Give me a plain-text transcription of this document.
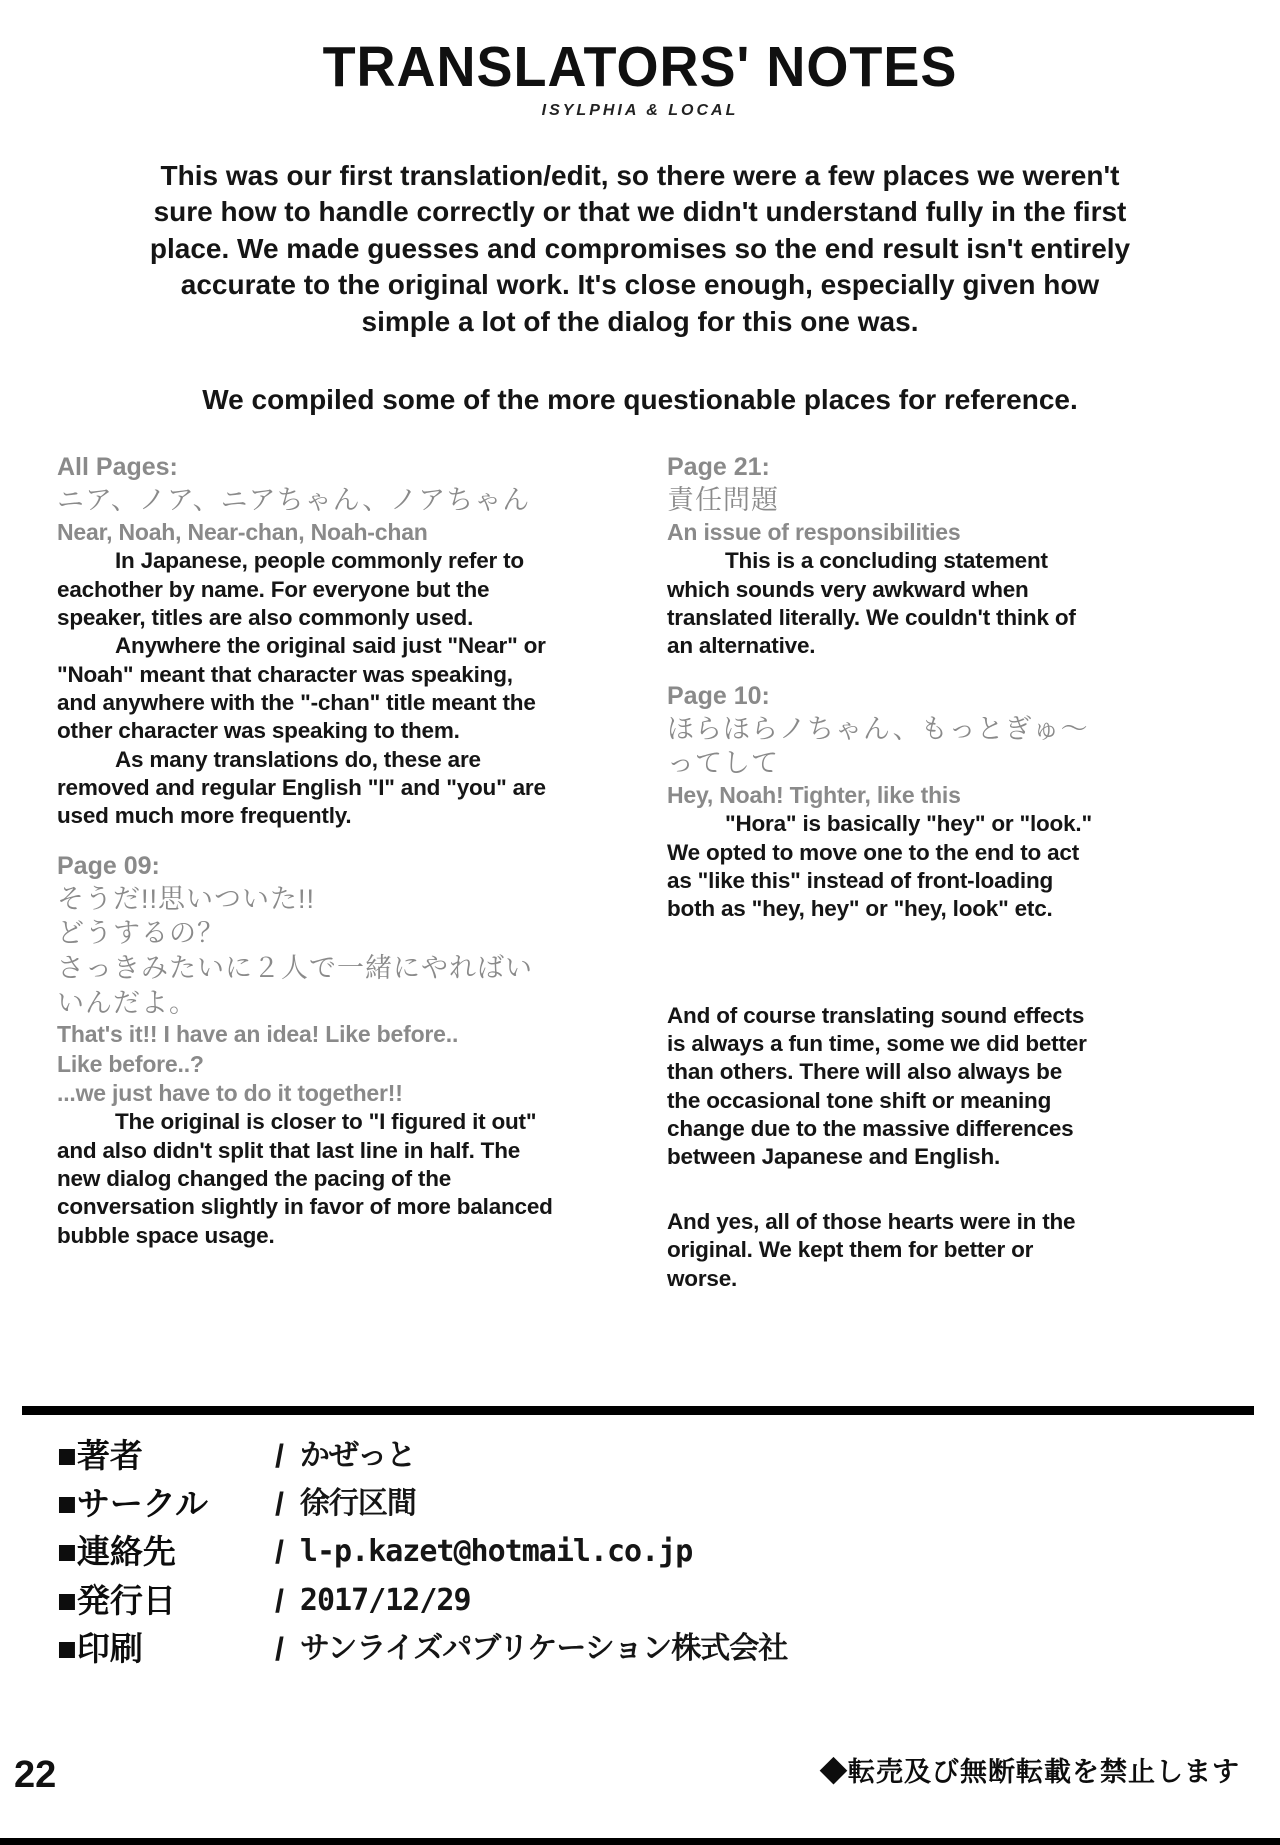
TRANSLATORS' NOTES
ISYLPHIA & LOCAL

This was our first translation/edit, so there were a few places we weren't sure how to handle correctly or that we didn't understand fully in the first place. We made guesses and compromises so the end result isn't entirely accurate to the original work. It's close enough, especially given how simple a lot of the dialog for this one was.

We compiled some of the more questionable places for reference.

All Pages:
ニア、ノア、ニアちゃん、ノアちゃん
Near, Noah, Near-chan, Noah-chan

In Japanese, people commonly refer to eachother by name. For everyone but the speaker, titles are also commonly used.

Anywhere the original said just "Near" or "Noah" meant that character was speaking, and anywhere with the "-chan" title meant the other character was speaking to them.

As many translations do, these are removed and regular English "I" and "you" are used much more frequently.

Page 09:
そうだ!!思いついた!!
どうするの？
さっきみたいに２人で一緒にやればいいんだよ。
That's it!! I have an idea! Like before..
Like before..?
...we just have to do it together!!

The original is closer to "I figured it out" and also didn't split that last line in half. The new dialog changed the pacing of the conversation slightly in favor of more balanced bubble space usage.

Page 21:
責任問題
An issue of responsibilities

This is a concluding statement which sounds very awkward when translated literally. We couldn't think of an alternative.

Page 10:
ほらほらノちゃん、もっとぎゅ～ってして
Hey, Noah! Tighter, like this

"Hora" is basically "hey" or "look." We opted to move one to the end to act as "like this" instead of front-loading both as "hey, hey" or "hey, look" etc.

And of course translating sound effects is always a fun time, some we did better than others. There will also always be the occasional tone shift or meaning change due to the massive differences between Japanese and English.

And yes, all of those hearts were in the original. We kept them for better or worse.

■著者	/ かぜっと
■サークル / 徐行区間
■連絡先	/ l-p.kazet@hotmail.co.jp
■発行日	/ 2017/12/29
■印刷	/ サンライズパブリケーション株式会社
22	◆転売及び無断転載を禁止します
